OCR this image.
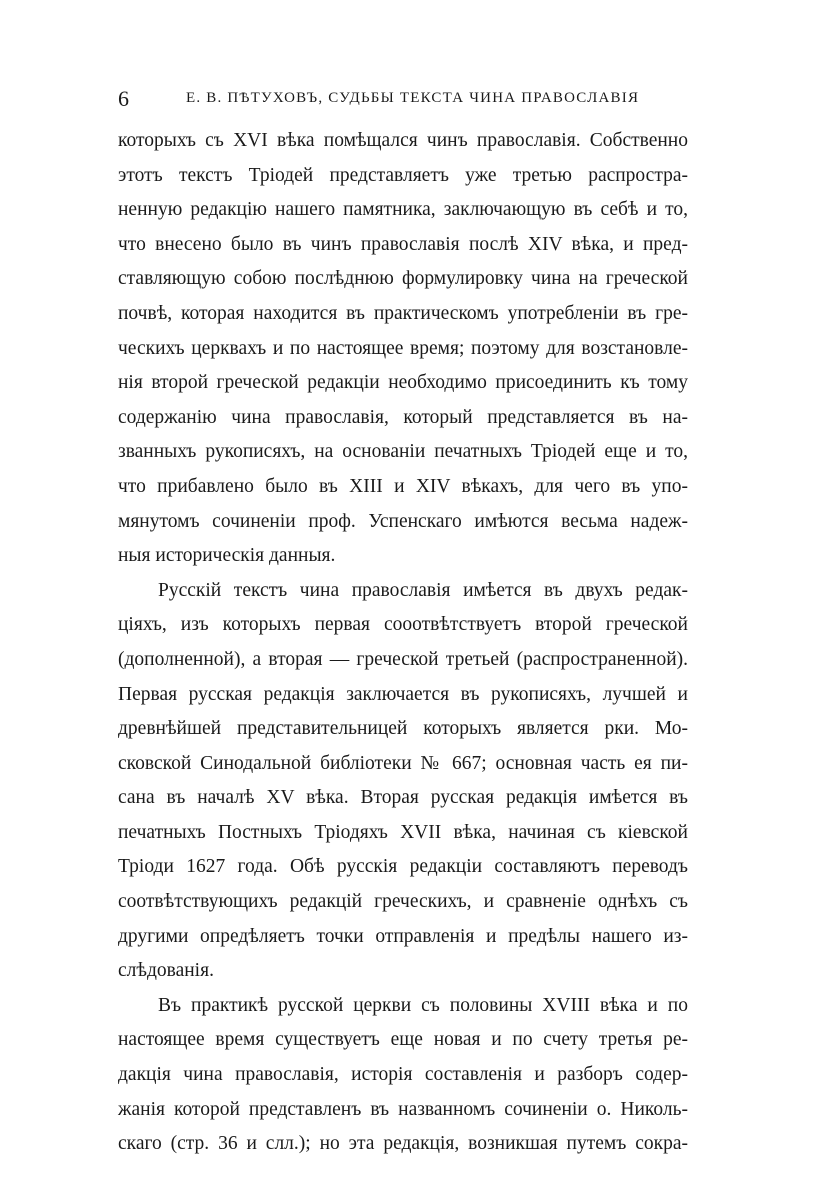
6	Е. В. ПѢТУХОВЪ, СУДЬБЫ ТЕКСТА ЧИНА ПРАВОСЛАВІЯ
которыхъ съ XVI вѣка помѣщался чинъ православія. Собственно
этотъ текстъ Тріодей представляетъ уже третью распростра-
ненную редакцію нашего памятника, заключающую въ себѣ и то,
что внесено было въ чинъ православія послѣ XIV вѣка, и пред-
ставляющую собою послѣднюю формулировку чина на греческой
почвѣ, которая находится въ практическомъ употребленіи въ гре-
ческихъ церквахъ и по настоящее время; поэтому для возстановле-
нія второй греческой редакціи необходимо присоединить къ тому
содержанію чина православія, который представляется въ на-
званныхъ рукописяхъ, на основаніи печатныхъ Тріодей еще и то,
что прибавлено было въ XIII и XIV вѣкахъ, для чего въ упо-
мянутомъ сочиненіи проф. Успенскаго имѣются весьма надеж-
ныя историческія данныя.
Русскій текстъ чина православія имѣется въ двухъ редак-
ціяхъ, изъ которыхъ первая сооотвѣтствуетъ второй греческой
(дополненной), а вторая — греческой третьей (распространенной).
Первая русская редакція заключается въ рукописяхъ, лучшей и
древнѣйшей представительницей которыхъ является рки. Мо-
сковской Синодальной библіотеки № 667; основная часть ея пи-
сана въ началѣ XV вѣка. Вторая русская редакція имѣется въ
печатныхъ Постныхъ Тріодяхъ XVII вѣка, начиная съ кіевской
Тріоди 1627 года. Обѣ русскія редакціи составляютъ переводъ
соотвѣтствующихъ редакцій греческихъ, и сравненіе однѣхъ съ
другими опредѣляетъ точки отправленія и предѣлы нашего из-
слѣдованія.
Въ практикѣ русской церкви съ половины XVIII вѣка и по
настоящее время существуетъ еще новая и по счету третья ре-
дакція чина православія, исторія составленія и разборъ содер-
жанія которой представленъ въ названномъ сочиненіи о. Николь-
скаго (стр. 36 и слл.); но эта редакція, возникшая путемъ сокра-
